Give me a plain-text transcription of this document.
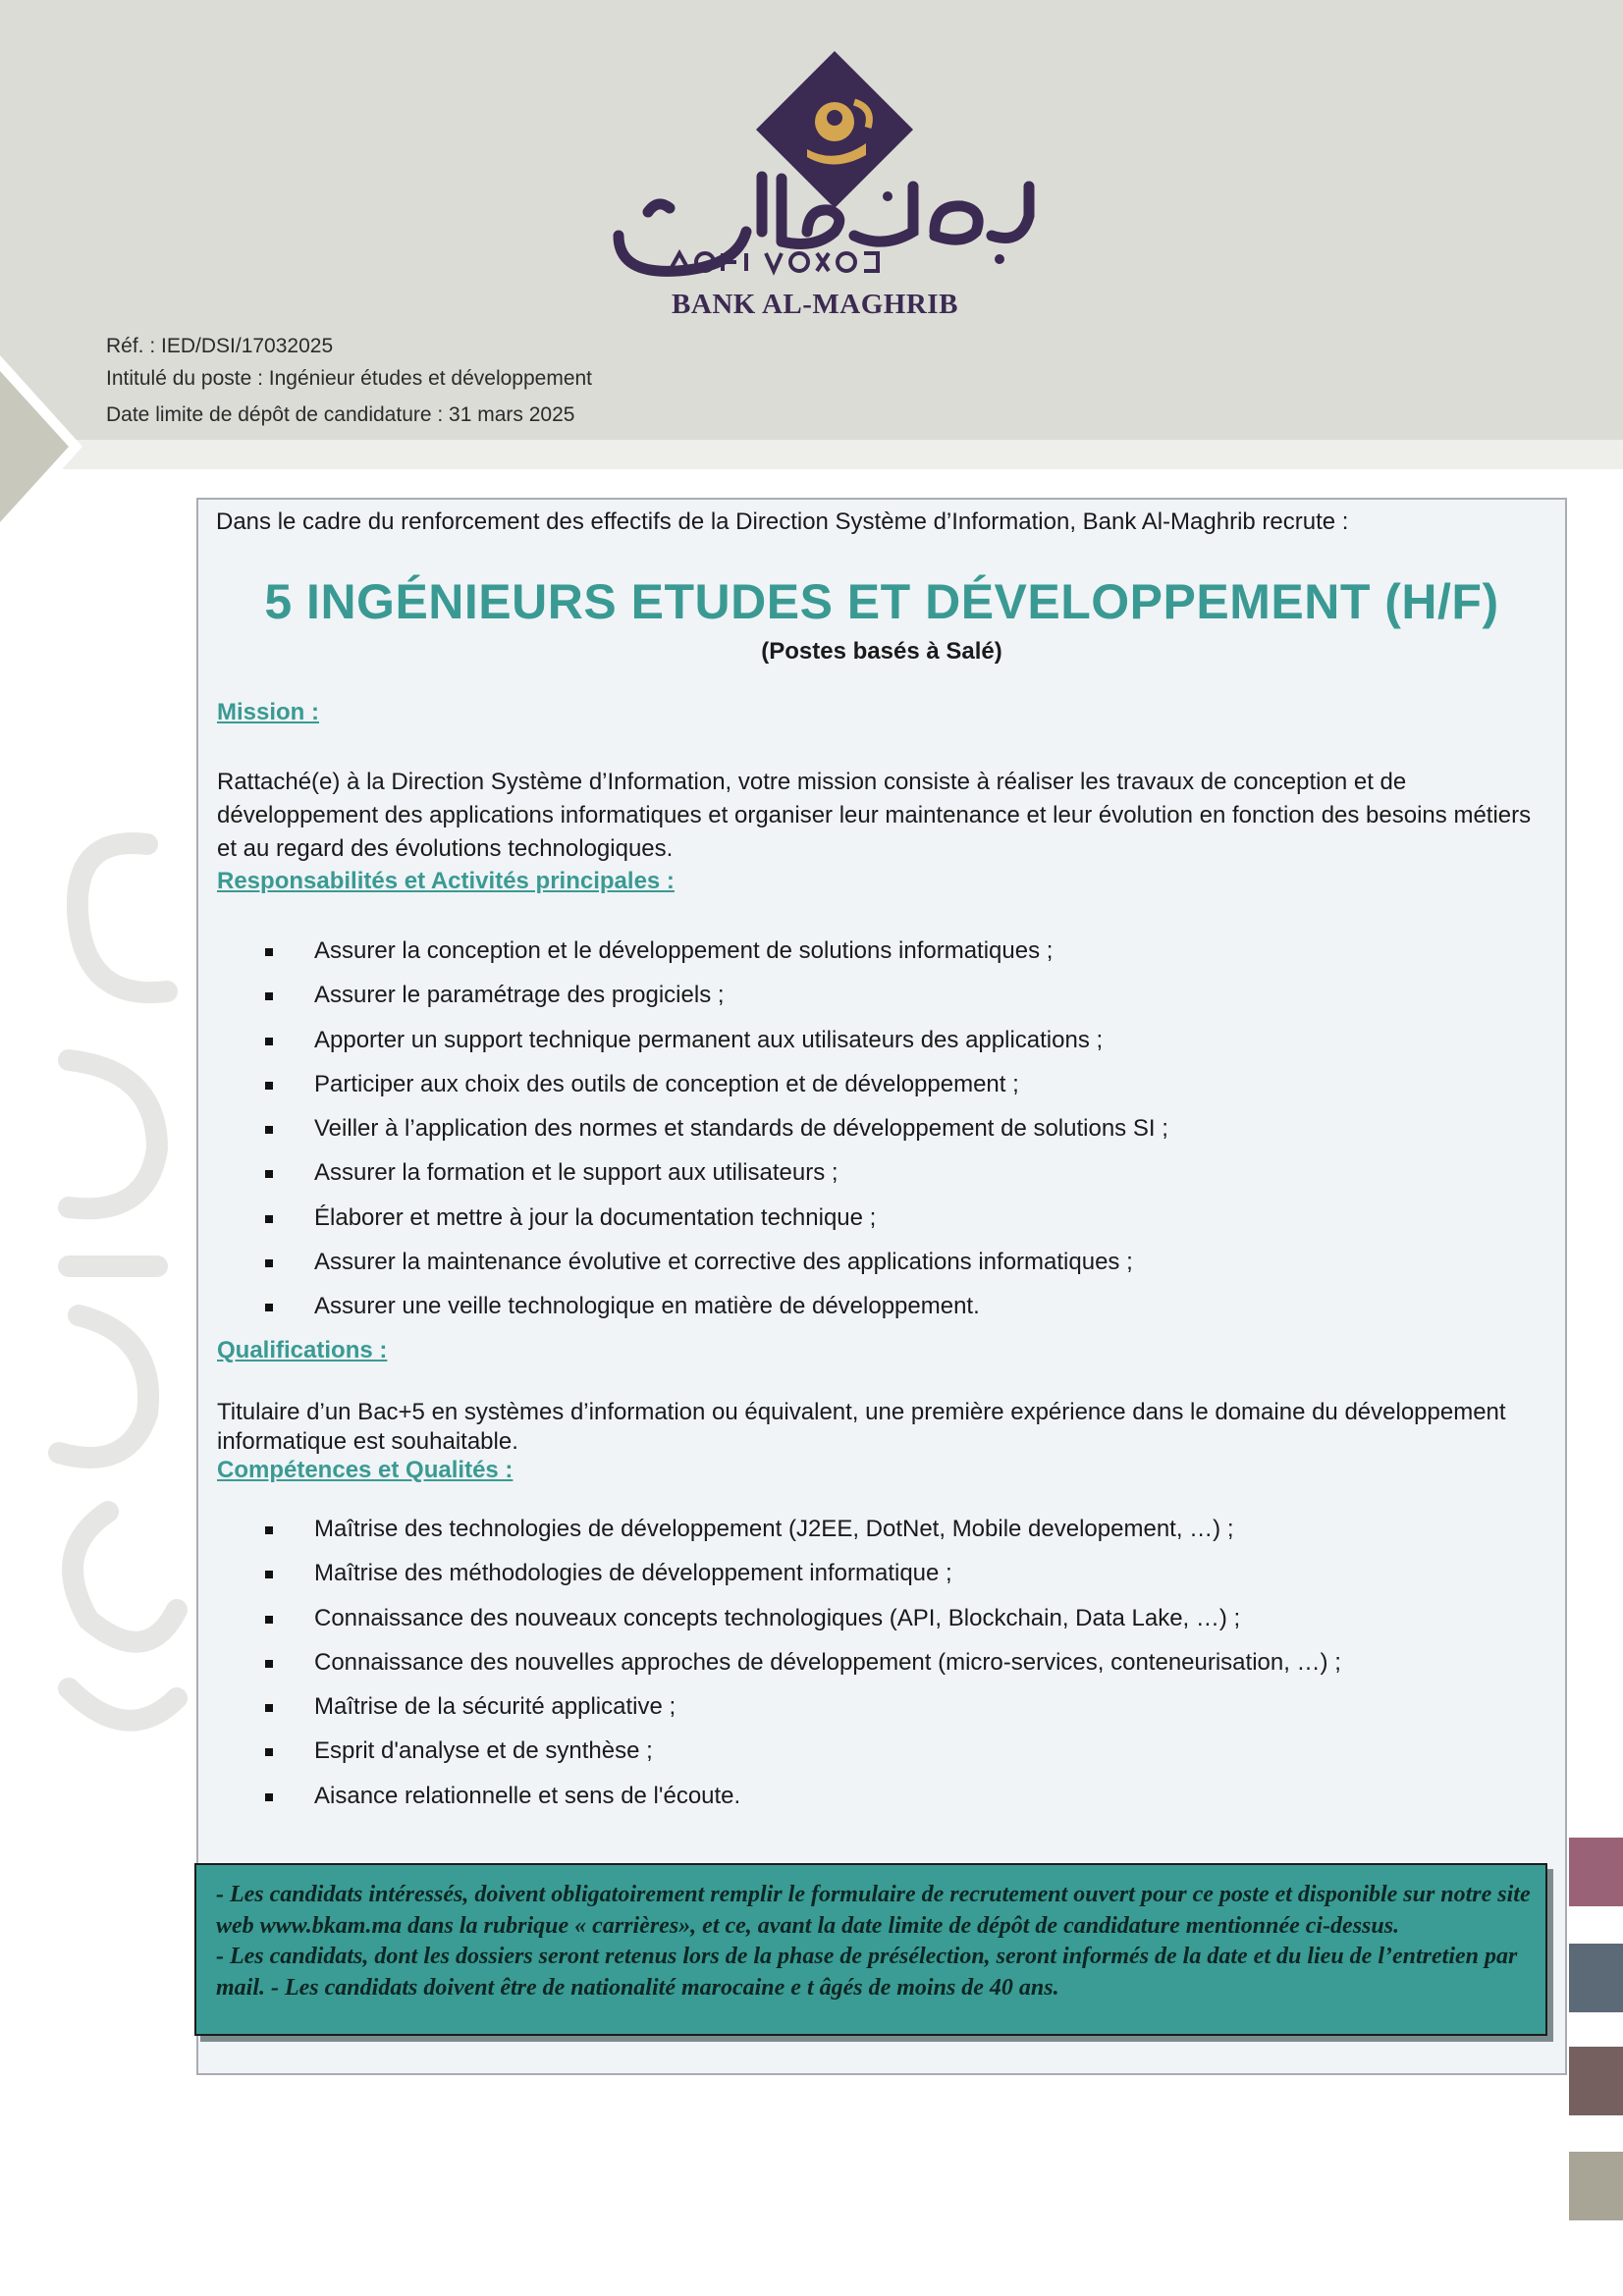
BANK AL-MAGHRIB
Réf. : IED/DSI/17032025
Intitulé du poste : Ingénieur études et développement
Date limite de dépôt de candidature : 31 mars 2025
Dans le cadre du renforcement des effectifs de la Direction Système d’Information, Bank Al-Maghrib recrute :
5 INGÉNIEURS ETUDES ET DÉVELOPPEMENT (H/F)
(Postes basés à Salé)
Mission :
Rattaché(e) à la Direction Système d’Information, votre mission consiste à réaliser les travaux de conception et de développement des applications informatiques et organiser leur maintenance et leur évolution en fonction des besoins métiers et au regard des évolutions technologiques.
Responsabilités et Activités principales :
Assurer la conception et le développement de solutions informatiques ;
Assurer le paramétrage des progiciels ;
Apporter un support technique permanent aux utilisateurs des applications ;
Participer aux choix des outils de conception et de développement ;
Veiller à l’application des normes et standards de développement de solutions SI ;
Assurer la formation et le support aux utilisateurs ;
Élaborer et mettre à jour la documentation technique ;
Assurer la maintenance évolutive et corrective des applications informatiques ;
Assurer une veille technologique en matière de développement.
Qualifications :
Titulaire d’un Bac+5 en systèmes d’information ou équivalent, une première expérience dans le domaine du développement informatique est souhaitable.
Compétences et Qualités :
Maîtrise des technologies de développement (J2EE, DotNet, Mobile developement, …) ;
Maîtrise des méthodologies de développement informatique ;
Connaissance des nouveaux concepts technologiques (API, Blockchain, Data Lake, …) ;
Connaissance des nouvelles approches de développement (micro-services, conteneurisation, …) ;
Maîtrise de la sécurité applicative ;
Esprit d'analyse et de synthèse ;
Aisance relationnelle et sens de l'écoute.

- Les candidats intéressés, doivent obligatoirement remplir le formulaire de recrutement ouvert pour ce poste et disponible sur notre site web www.bkam.ma dans la rubrique « carrières», et ce, avant la date limite de dépôt de candidature mentionnée ci-dessus.

- Les candidats, dont les dossiers seront retenus lors de la phase de présélection, seront informés de la date et du lieu de l’entretien par mail. - Les candidats doivent être de nationalité marocaine e t âgés de moins de 40 ans.
